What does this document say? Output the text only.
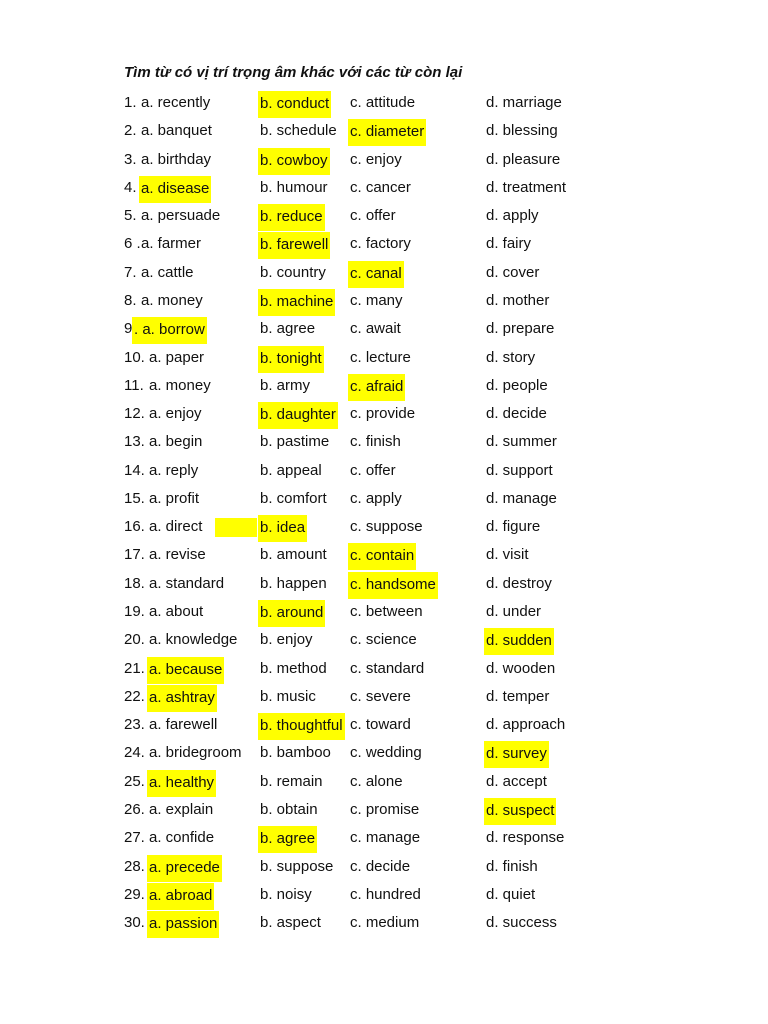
Tìm từ có vị trí trọng âm khác với các từ còn lại
1. a. recently	b. conduct c. attitude	d. marriage
2. a. banquet	b. schedule c. diameter	d. blessing
3. a. birthday	b. cowboy c. enjoy	d. pleasure
4. a. disease	b. humour c. cancer	d. treatment
5. a. persuade	b. reduce c. offer	d. apply
6 . a. farmer	b. farewell c. factory	d. fairy
7. a. cattle	b. country c. canal	d. cover
8. a. money	b. machine c. many	d. mother
9 . a. borrow	b. agree c. await	d. prepare
10. a. paper	b. tonight c. lecture	d. story
11. a. money	b. army	c. afraid	d. people
12. a. enjoy	b. daughter c. provide	d. decide
13. a. begin	b. pastime c. finish	d. summer
14. a. reply	b. appeal c. offer	d. support
15. a. profit	b. comfort c. apply	d. manage
16. a. direct	b. idea	c. suppose	d. figure
17. a. revise	b. amount c. contain	d. visit
18. a. standard b. happen c. handsome	d. destroy
19. a. about	b. around c. between	d. under
20. a. knowledge b. enjoy c. science	d. sudden
21. a. because	b. method c. standard	d. wooden
22. a. ashtray	b. music c. severe	d. temper
23. a. farewell	b. thoughtful c. toward	d. approach
24. a. bridegroom b. bamboo c. wedding	d. survey
25. a. healthy	b. remain c. alone	d. accept
26. a. explain	b. obtain c. promise	d. suspect
27. a. confide	b. agree c. manage	d. response
28. a. precede	b. suppose c. decide	d. finish
29. a. abroad	b. noisy	c. hundred	d. quiet
30. a. passion	b. aspect c. medium	d. success
